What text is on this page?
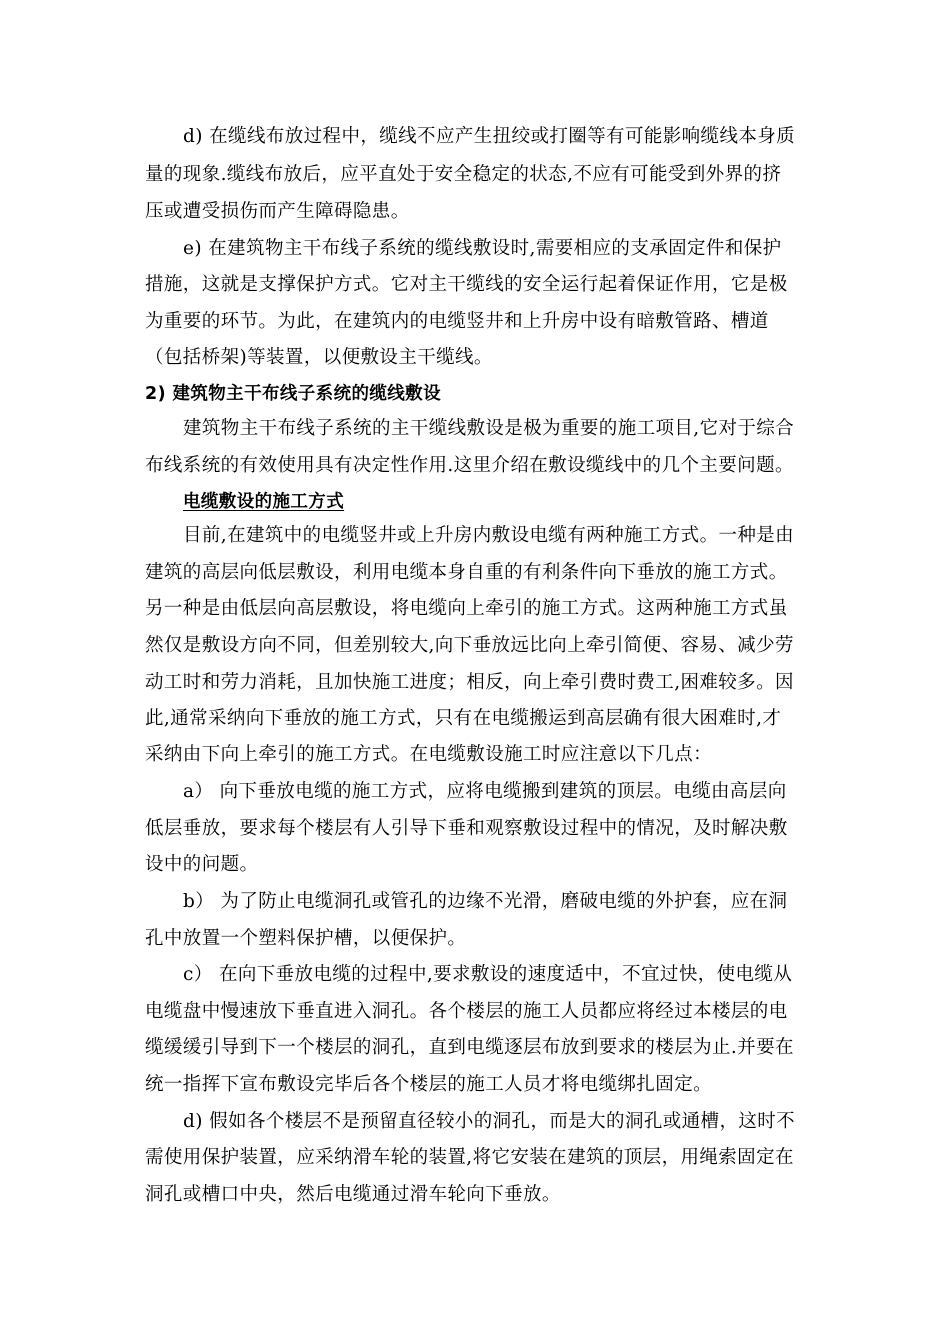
d) 在缆线布放过程中，缆线不应产生扭绞或打圈等有可能影响缆线本身质
量的现象.缆线布放后，应平直处于安全稳定的状态,不应有可能受到外界的挤
压或遭受损伤而产生障碍隐患。
e) 在建筑物主干布线子系统的缆线敷设时,需要相应的支承固定件和保护
措施，这就是支撑保护方式。它对主干缆线的安全运行起着保证作用，它是极
为重要的环节。为此，在建筑内的电缆竖井和上升房中设有暗敷管路、槽道
（包括桥架)等装置，以便敷设主干缆线。
2) 建筑物主干布线子系统的缆线敷设
建筑物主干布线子系统的主干缆线敷设是极为重要的施工项目,它对于综合
布线系统的有效使用具有决定性作用.这里介绍在敷设缆线中的几个主要问题。
电缆敷设的施工方式
目前,在建筑中的电缆竖井或上升房内敷设电缆有两种施工方式。一种是由
建筑的高层向低层敷设，利用电缆本身自重的有利条件向下垂放的施工方式。
另一种是由低层向高层敷设，将电缆向上牵引的施工方式。这两种施工方式虽
然仅是敷设方向不同，但差别较大,向下垂放远比向上牵引简便、容易、减少劳
动工时和劳力消耗，且加快施工进度；相反，向上牵引费时费工,困难较多。因
此,通常采纳向下垂放的施工方式，只有在电缆搬运到高层确有很大困难时,才
采纳由下向上牵引的施工方式。在电缆敷设施工时应注意以下几点：
a） 向下垂放电缆的施工方式，应将电缆搬到建筑的顶层。电缆由高层向
低层垂放，要求每个楼层有人引导下垂和观察敷设过程中的情况，及时解决敷
设中的问题。
b） 为了防止电缆洞孔或管孔的边缘不光滑，磨破电缆的外护套，应在洞
孔中放置一个塑料保护槽，以便保护。
c） 在向下垂放电缆的过程中,要求敷设的速度适中，不宜过快，使电缆从
电缆盘中慢速放下垂直进入洞孔。各个楼层的施工人员都应将经过本楼层的电
缆缓缓引导到下一个楼层的洞孔，直到电缆逐层布放到要求的楼层为止.并要在
统一指挥下宣布敷设完毕后各个楼层的施工人员才将电缆绑扎固定。
d) 假如各个楼层不是预留直径较小的洞孔，而是大的洞孔或通槽，这时不
需使用保护装置，应采纳滑车轮的装置,将它安装在建筑的顶层，用绳索固定在
洞孔或槽口中央，然后电缆通过滑车轮向下垂放。
